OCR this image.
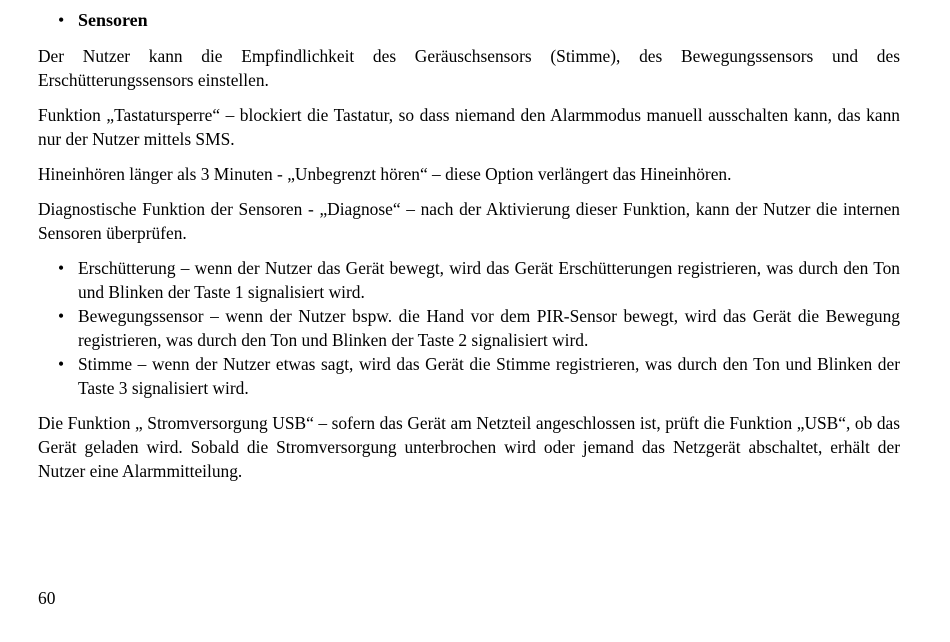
• Sensoren

Der Nutzer kann die Empfindlichkeit des Geräuschsensors (Stimme), des Bewegungssensors und des Erschütterungssensors einstellen.

Funktion „Tastatursperre“ – blockiert die Tastatur, so dass niemand den Alarmmodus manuell ausschalten kann, das kann nur der Nutzer mittels SMS.

Hineinhören länger als 3 Minuten - „Unbegrenzt hören“ – diese Option verlängert das Hineinhören.

Diagnostische Funktion der Sensoren - „Diagnose“ – nach der Aktivierung dieser Funktion, kann der Nutzer die internen Sensoren überprüfen.

• Erschütterung – wenn der Nutzer das Gerät bewegt, wird das Gerät Erschütterungen registrieren, was durch den Ton und Blinken der Taste 1 signalisiert wird.
• Bewegungssensor – wenn der Nutzer bspw. die Hand vor dem PIR-Sensor bewegt, wird das Gerät die Bewegung registrieren, was durch den Ton und Blinken der Taste 2 signalisiert wird.
• Stimme – wenn der Nutzer etwas sagt, wird das Gerät die Stimme registrieren, was durch den Ton und Blinken der Taste 3 signalisiert wird.

Die Funktion „ Stromversorgung USB“ – sofern das Gerät am Netzteil angeschlossen ist, prüft die Funktion „USB“, ob das Gerät geladen wird. Sobald die Stromversorgung unterbrochen wird oder jemand das Netzgerät abschaltet, erhält der Nutzer eine Alarmmitteilung.

60
